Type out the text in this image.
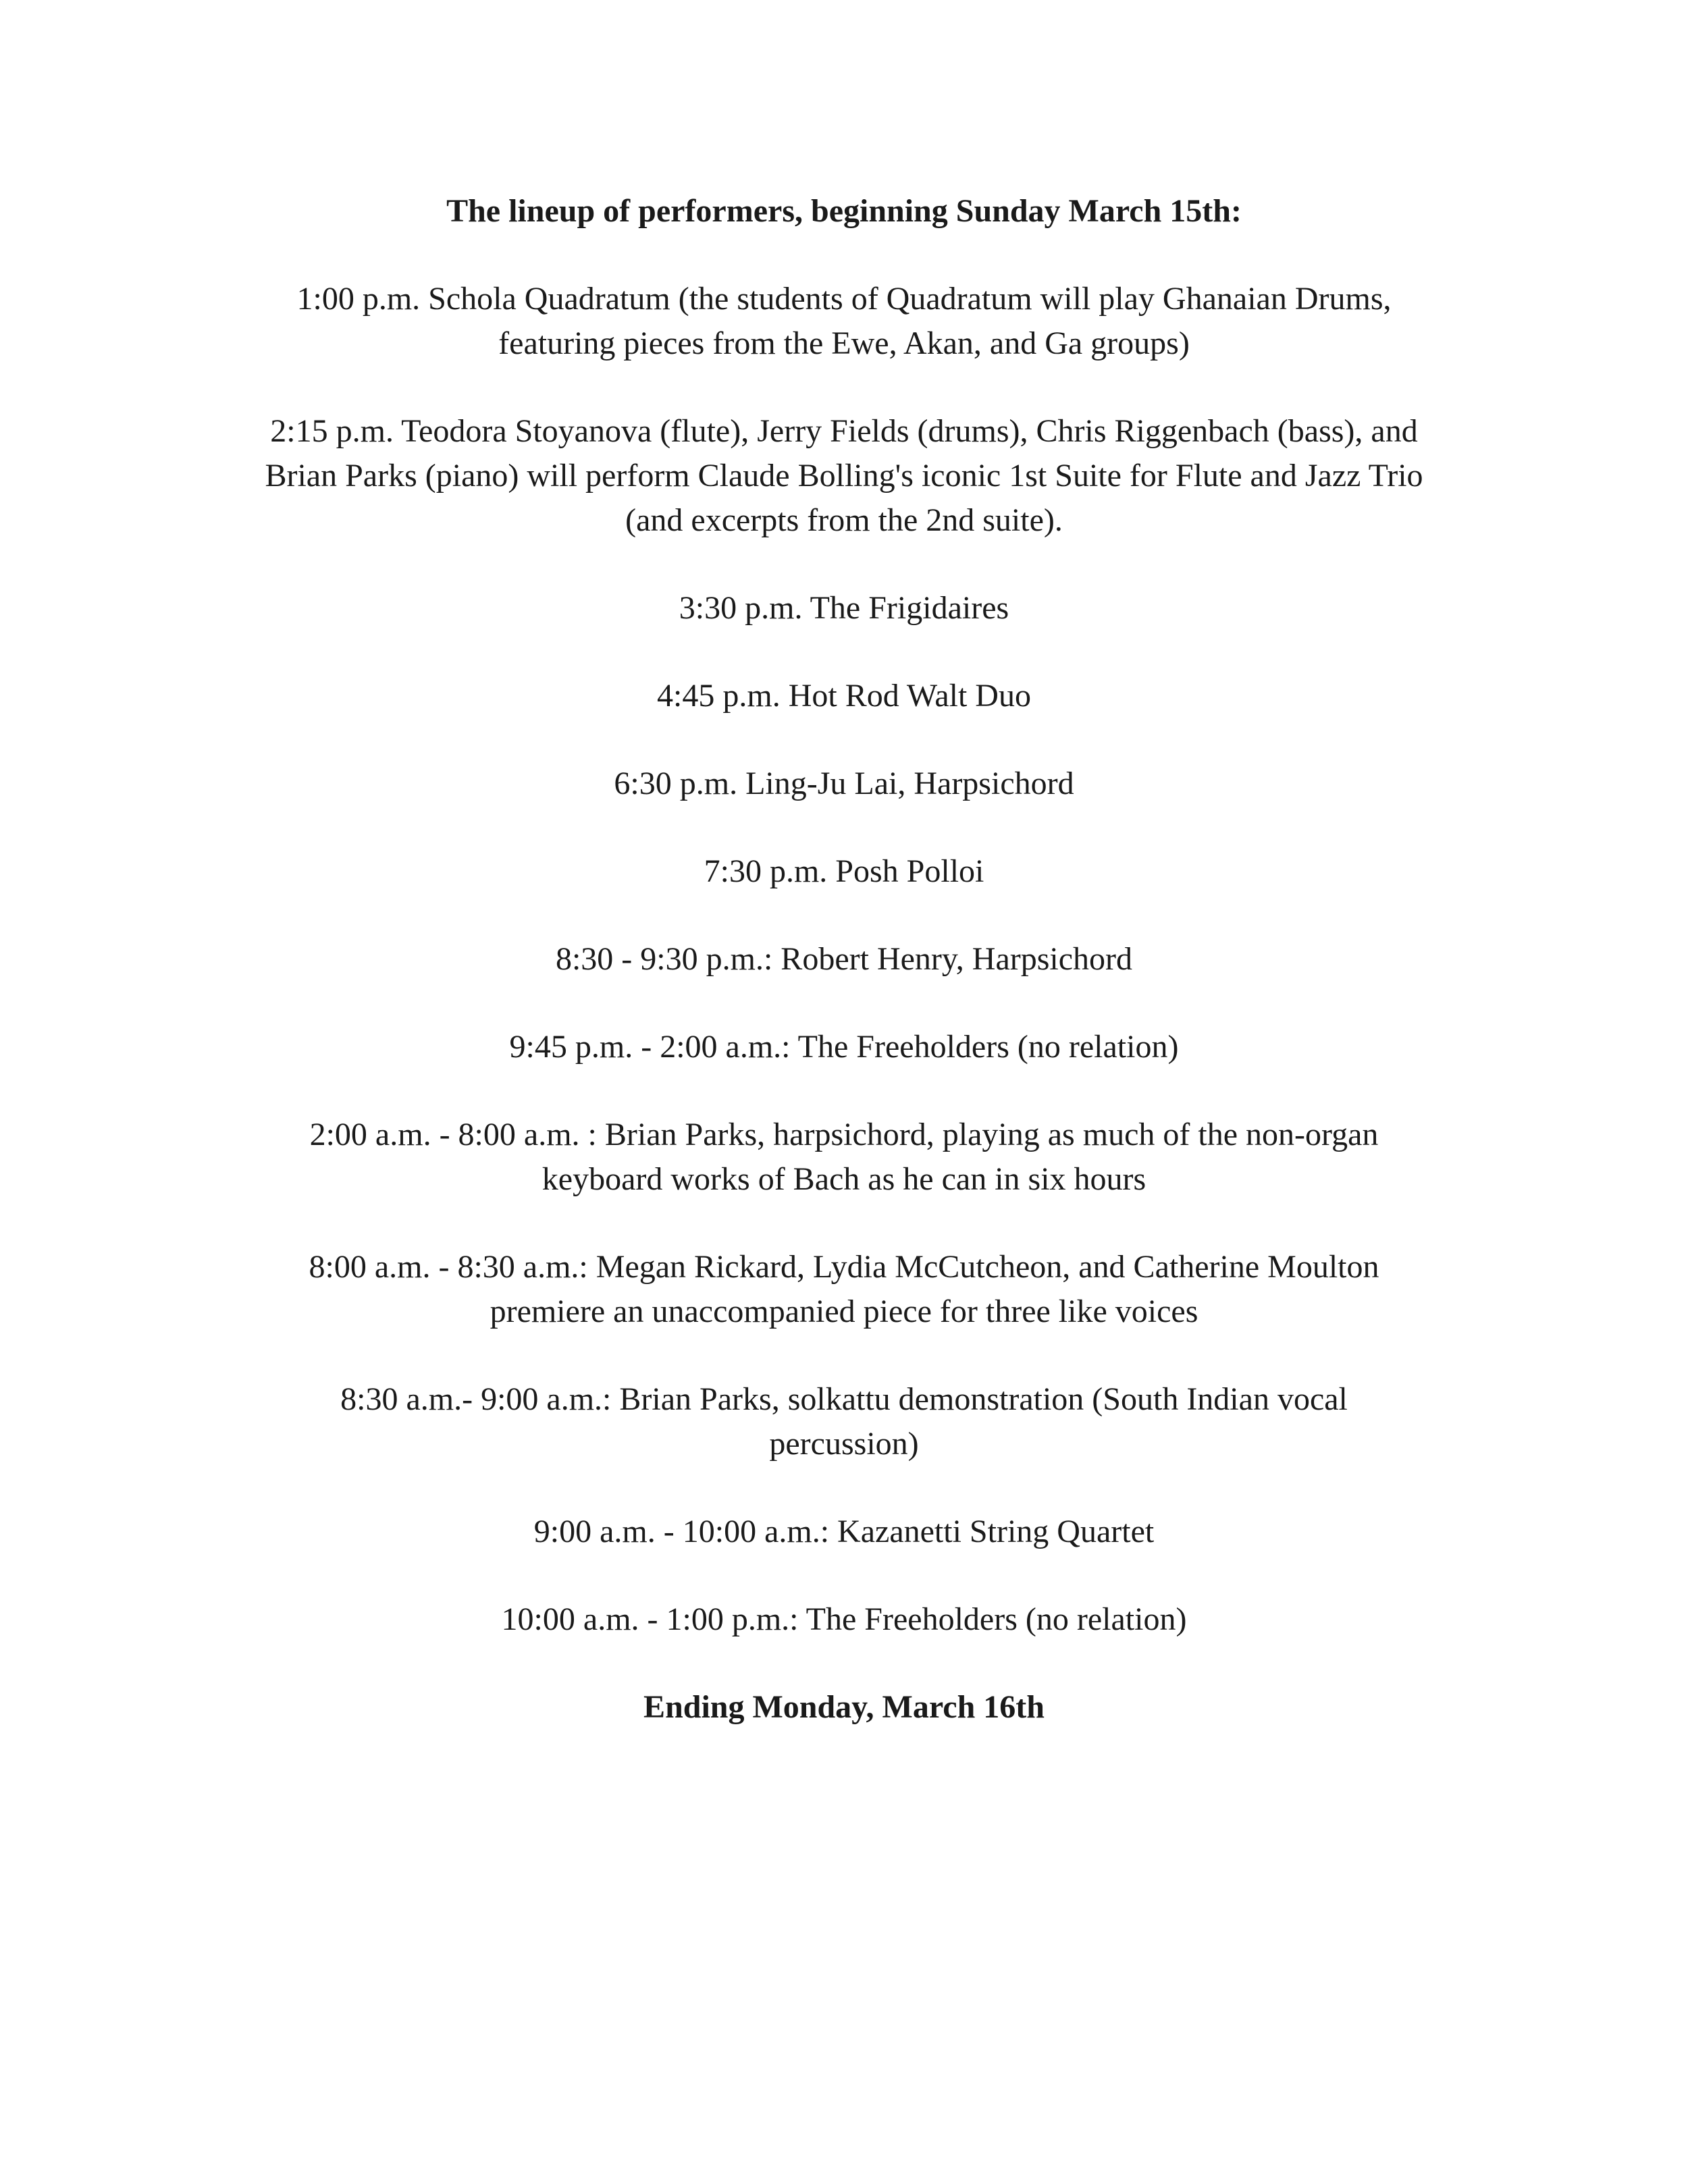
The lineup of performers, beginning Sunday March 15th:

1:00 p.m. Schola Quadratum (the students of Quadratum will play Ghanaian Drums,
featuring pieces from the Ewe, Akan, and Ga groups)
2:15 p.m. Teodora Stoyanova (flute), Jerry Fields (drums), Chris Riggenbach (bass), and
Brian Parks (piano) will perform Claude Bolling's iconic 1st Suite for Flute and Jazz Trio
(and excerpts from the 2nd suite).
3:30 p.m. The Frigidaires
4:45 p.m. Hot Rod Walt Duo
6:30 p.m. Ling-Ju Lai, Harpsichord
7:30 p.m. Posh Polloi
8:30 - 9:30 p.m.: Robert Henry, Harpsichord
9:45 p.m. - 2:00 a.m.: The Freeholders (no relation)
2:00 a.m. - 8:00 a.m. : Brian Parks, harpsichord, playing as much of the non-organ
keyboard works of Bach as he can in six hours
8:00 a.m. - 8:30 a.m.: Megan Rickard, Lydia McCutcheon, and Catherine Moulton
premiere an unaccompanied piece for three like voices
8:30 a.m.- 9:00 a.m.: Brian Parks, solkattu demonstration (South Indian vocal
percussion)
9:00 a.m. - 10:00 a.m.: Kazanetti String Quartet
10:00 a.m. - 1:00 p.m.: The Freeholders (no relation)

Ending Monday, March 16th
